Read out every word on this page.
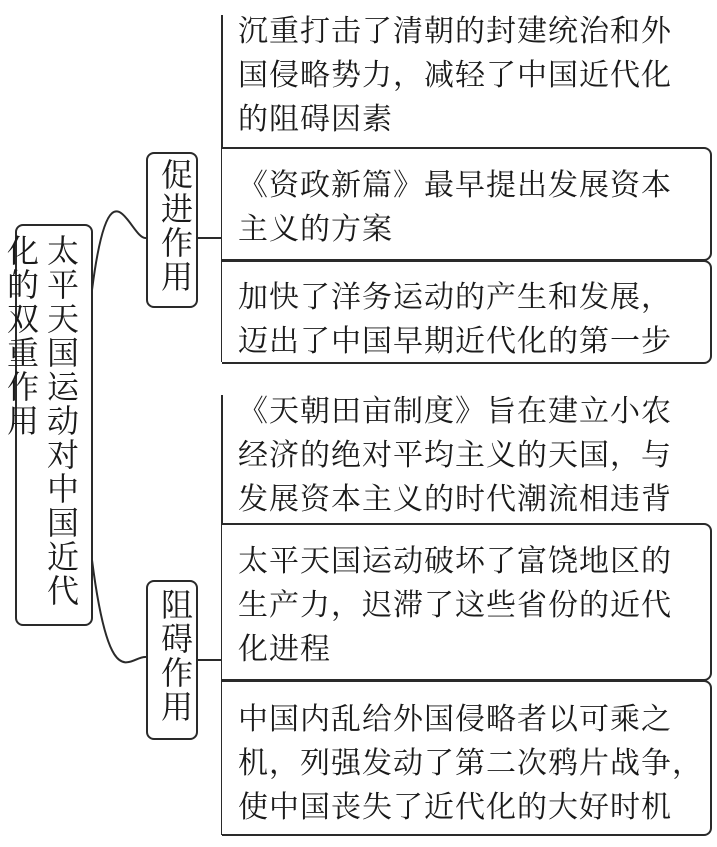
太平天国运动对中国近代化的双重作用
促进作用
阻碍作用
沉重打击了清朝的封建统治和外
国侵略势力，减轻了中国近代化
的阻碍因素
《资政新篇》最早提出发展资本
主义的方案
加快了洋务运动的产生和发展，
迈出了中国早期近代化的第一步
《天朝田亩制度》旨在建立小农
经济的绝对平均主义的天国，与
发展资本主义的时代潮流相违背
太平天国运动破坏了富饶地区的
生产力，迟滞了这些省份的近代
化进程
中国内乱给外国侵略者以可乘之
机，列强发动了第二次鸦片战争，
使中国丧失了近代化的大好时机
